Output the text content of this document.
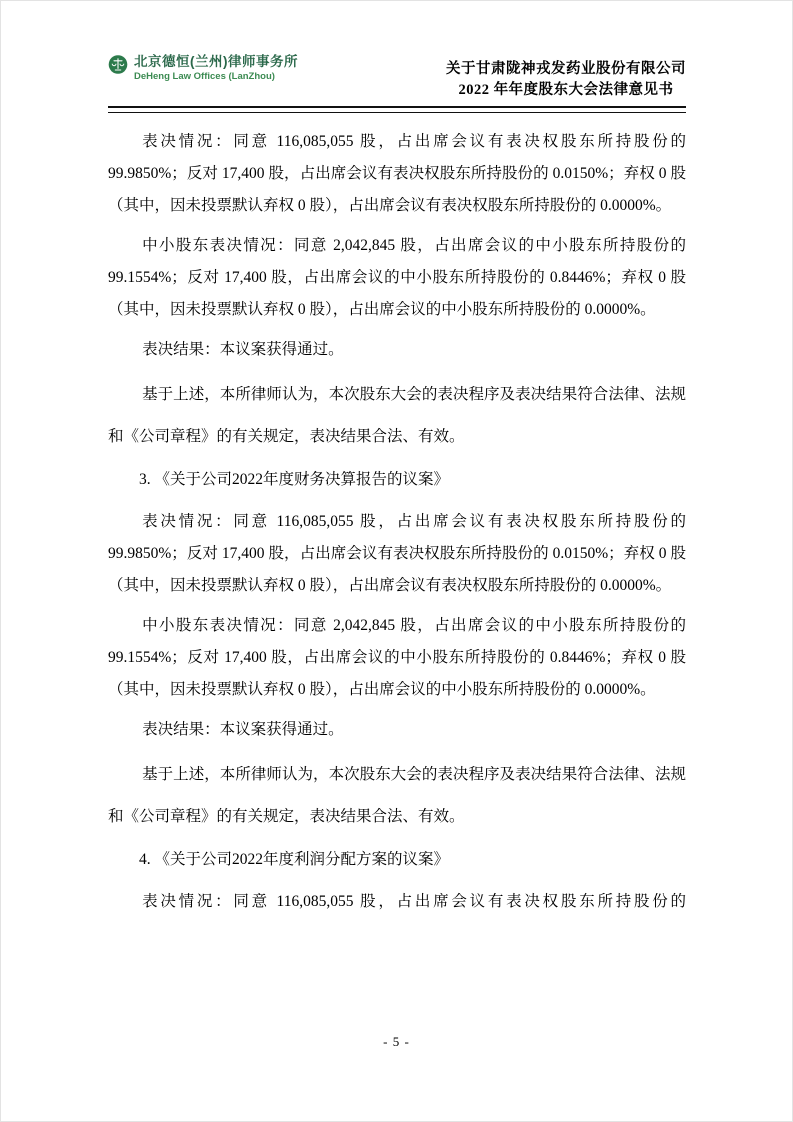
北京德恒(兰州)律师事务所
DeHeng Law Offices (LanZhou)	关于甘肃陇神戎发药业股份有限公司
2022 年年度股东大会法律意见书

表决情况：同意 116,085,055 股，占出席会议有表决权股东所持股份的 99.9850%；反对 17,400 股，占出席会议有表决权股东所持股份的 0.0150%；弃权 0 股（其中，因未投票默认弃权 0 股），占出席会议有表决权股东所持股份的 0.0000%。

中小股东表决情况：同意 2,042,845 股，占出席会议的中小股东所持股份的 99.1554%；反对 17,400 股，占出席会议的中小股东所持股份的 0.8446%；弃权 0 股（其中，因未投票默认弃权 0 股），占出席会议的中小股东所持股份的 0.0000%。

表决结果：本议案获得通过。

基于上述，本所律师认为，本次股东大会的表决程序及表决结果符合法律、法规和《公司章程》的有关规定，表决结果合法、有效。

3. 《关于公司2022年度财务决算报告的议案》

表决情况：同意 116,085,055 股，占出席会议有表决权股东所持股份的 99.9850%；反对 17,400 股，占出席会议有表决权股东所持股份的 0.0150%；弃权 0 股（其中，因未投票默认弃权 0 股），占出席会议有表决权股东所持股份的 0.0000%。

中小股东表决情况：同意 2,042,845 股，占出席会议的中小股东所持股份的 99.1554%；反对 17,400 股，占出席会议的中小股东所持股份的 0.8446%；弃权 0 股（其中，因未投票默认弃权 0 股），占出席会议的中小股东所持股份的 0.0000%。

表决结果：本议案获得通过。

基于上述，本所律师认为，本次股东大会的表决程序及表决结果符合法律、法规和《公司章程》的有关规定，表决结果合法、有效。

4. 《关于公司2022年度利润分配方案的议案》

表决情况：同意 116,085,055 股，占出席会议有表决权股东所持股份的

- 5 -
